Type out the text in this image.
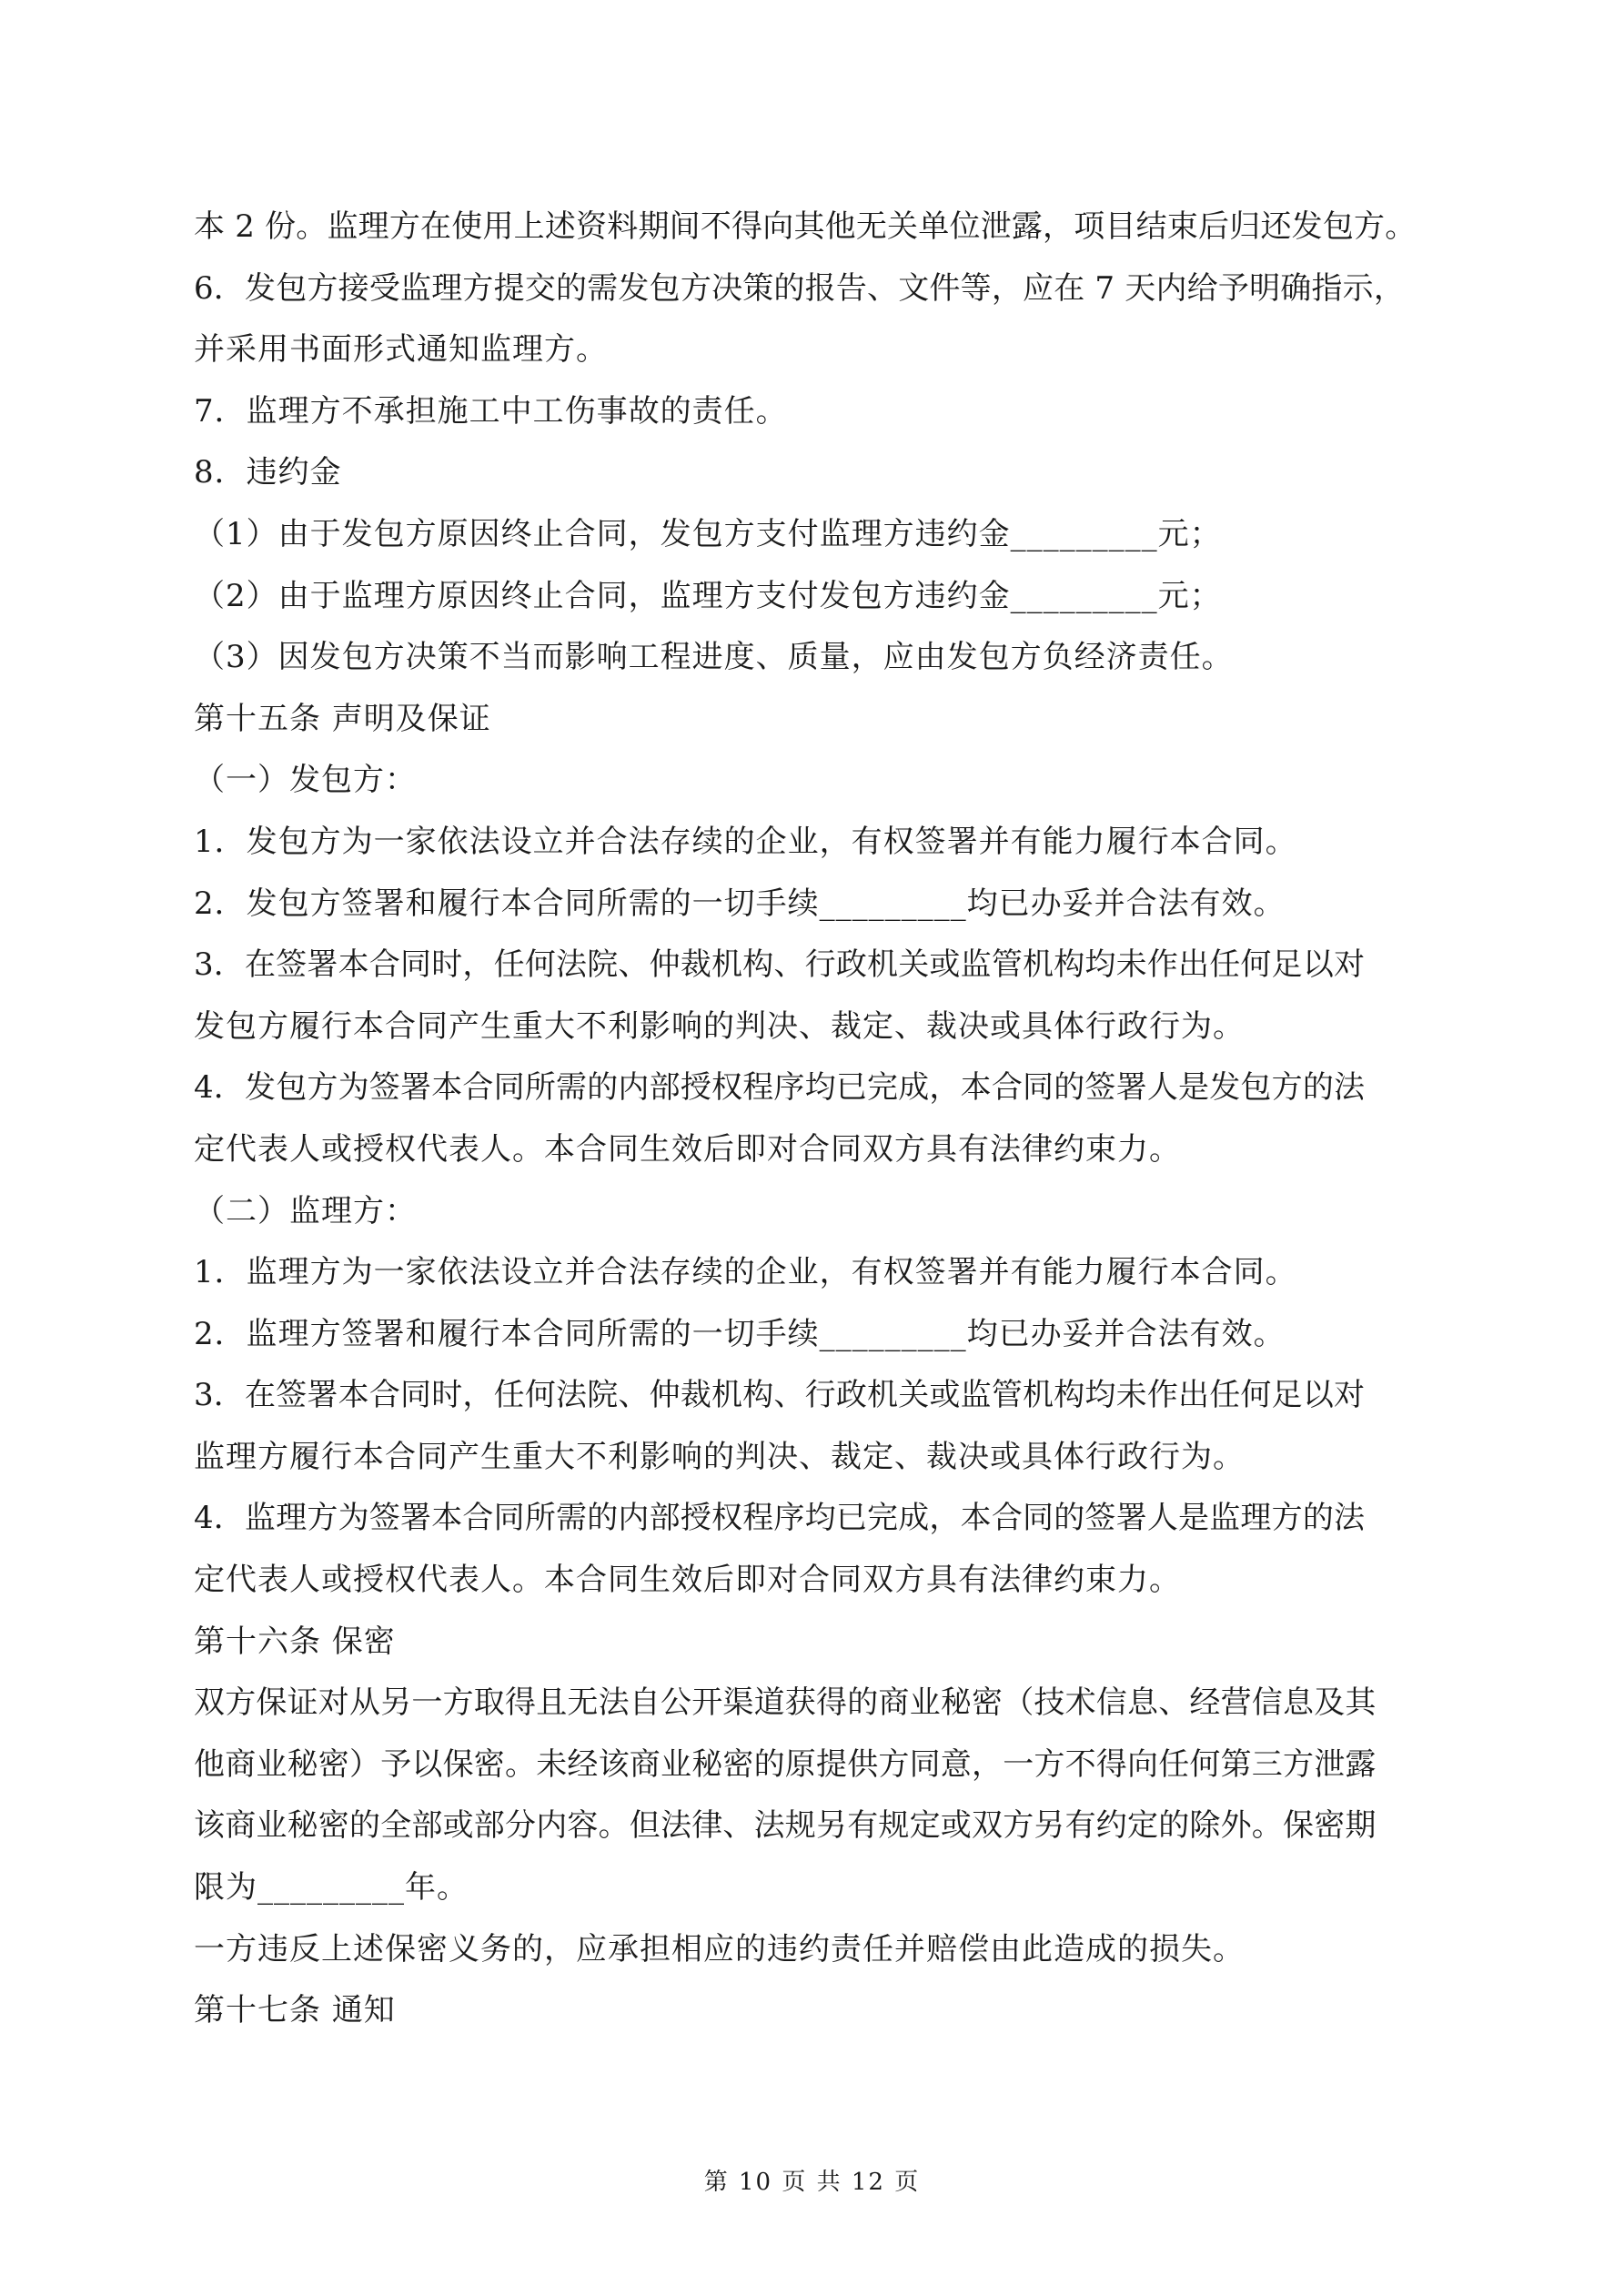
本 2 份。监理方在使用上述资料期间不得向其他无关单位泄露，项目结束后归还发包方。
6．发包方接受监理方提交的需发包方决策的报告、文件等，应在 7 天内给予明确指示，
并采用书面形式通知监理方。
7．监理方不承担施工中工伤事故的责任。
8．违约金
（1）由于发包方原因终止合同，发包方支付监理方违约金_________元；
（2）由于监理方原因终止合同，监理方支付发包方违约金_________元；
（3）因发包方决策不当而影响工程进度、质量，应由发包方负经济责任。
第十五条 声明及保证
（一）发包方：
1．发包方为一家依法设立并合法存续的企业，有权签署并有能力履行本合同。
2．发包方签署和履行本合同所需的一切手续_________均已办妥并合法有效。
3．在签署本合同时，任何法院、仲裁机构、行政机关或监管机构均未作出任何足以对
发包方履行本合同产生重大不利影响的判决、裁定、裁决或具体行政行为。
4．发包方为签署本合同所需的内部授权程序均已完成，本合同的签署人是发包方的法
定代表人或授权代表人。本合同生效后即对合同双方具有法律约束力。
（二）监理方：
1．监理方为一家依法设立并合法存续的企业，有权签署并有能力履行本合同。
2．监理方签署和履行本合同所需的一切手续_________均已办妥并合法有效。
3．在签署本合同时，任何法院、仲裁机构、行政机关或监管机构均未作出任何足以对
监理方履行本合同产生重大不利影响的判决、裁定、裁决或具体行政行为。
4．监理方为签署本合同所需的内部授权程序均已完成，本合同的签署人是监理方的法
定代表人或授权代表人。本合同生效后即对合同双方具有法律约束力。
第十六条 保密
双方保证对从另一方取得且无法自公开渠道获得的商业秘密（技术信息、经营信息及其
他商业秘密）予以保密。未经该商业秘密的原提供方同意，一方不得向任何第三方泄露
该商业秘密的全部或部分内容。但法律、法规另有规定或双方另有约定的除外。保密期
限为_________年。
一方违反上述保密义务的，应承担相应的违约责任并赔偿由此造成的损失。
第十七条 通知
第 10 页 共 12 页
